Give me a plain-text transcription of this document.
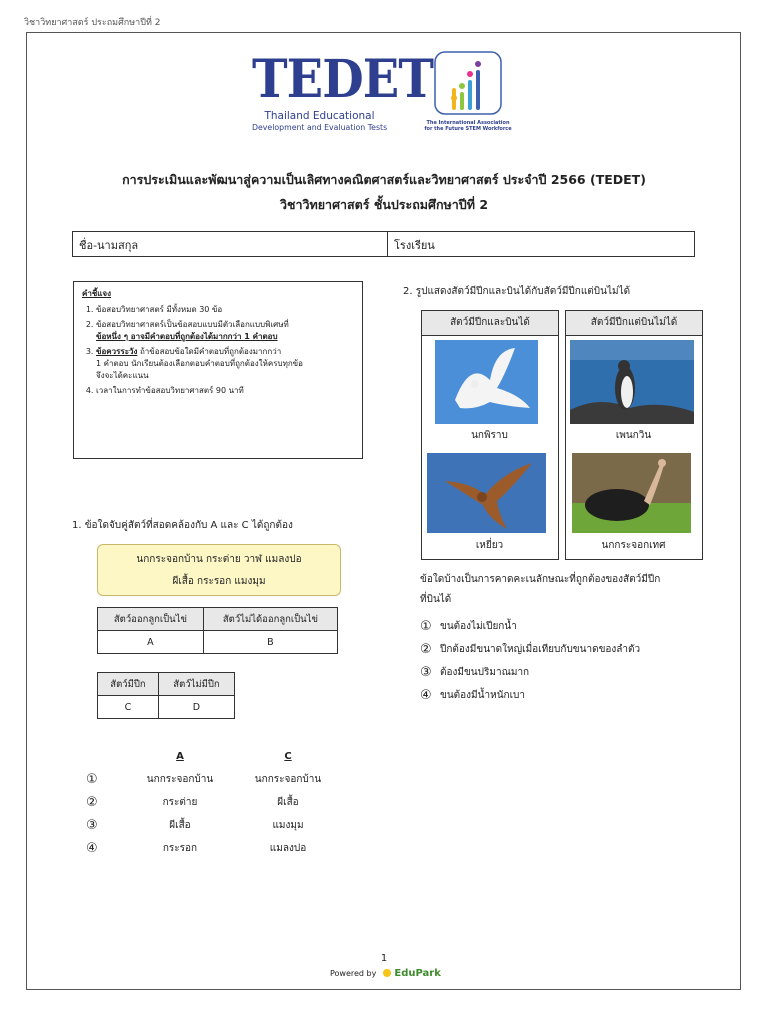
วิชาวิทยาศาสตร์ ประถมศึกษาปีที่ 2
TEDET
Thailand Educational
Development and Evaluation Tests	The International Association
for the Future STEM Workforce
การประเมินและพัฒนาสู่ความเป็นเลิศทางคณิตศาสตร์และวิทยาศาสตร์ ประจำปี 2566 (TEDET)
วิชาวิทยาศาสตร์ ชั้นประถมศึกษาปีที่ 2
ชื่อ-นามสกุล	โรงเรียน
คำชี้แจง
1. ข้อสอบวิทยาศาสตร์ มีทั้งหมด 30 ข้อ
2. ข้อสอบวิทยาศาสตร์เป็นข้อสอบแบบมีตัวเลือกแบบพิเศษที่
ข้อหนึ่ง ๆ อาจมีคำตอบที่ถูกต้องได้มากกว่า 1 คำตอบ
3. ข้อควรระวัง ถ้าข้อสอบข้อใดมีคำตอบที่ถูกต้องมากกว่า
1 คำตอบ นักเรียนต้องเลือกตอบคำตอบที่ถูกต้องให้ครบทุกข้อ
จึงจะได้คะแนน
4. เวลาในการทำข้อสอบวิทยาศาสตร์ 90 นาที
1. ข้อใดจับคู่สัตว์ที่สอดคล้องกับ A และ C ได้ถูกต้อง
นกกระจอกบ้าน กระต่าย วาฬ แมลงปอ
ผีเสื้อ กระรอก แมงมุม
สัตว์ออกลูกเป็นไข่	สัตว์ไม่ได้ออกลูกเป็นไข่
A	B
สัตว์มีปีก	สัตว์ไม่มีปีก
C	D
A	C
①	นกกระจอกบ้าน	นกกระจอกบ้าน
②	กระต่าย	ผีเสื้อ
③	ผีเสื้อ	แมงมุม
④	กระรอก	แมลงปอ
2. รูปแสดงสัตว์มีปีกและบินได้กับสัตว์มีปีกแต่บินไม่ได้
สัตว์มีปีกและบินได้	สัตว์มีปีกแต่บินไม่ได้
นกพิราบ	เพนกวิน
เหยี่ยว	นกกระจอกเทศ
ข้อใดบ้างเป็นการคาดคะเนลักษณะที่ถูกต้องของสัตว์มีปีก
ที่บินได้
① ขนต้องไม่เปียกน้ำ
② ปีกต้องมีขนาดใหญ่เมื่อเทียบกับขนาดของลำตัว
③ ต้องมีขนปริมาณมาก
④ ขนต้องมีน้ำหนักเบา
1
Powered by EduPark
